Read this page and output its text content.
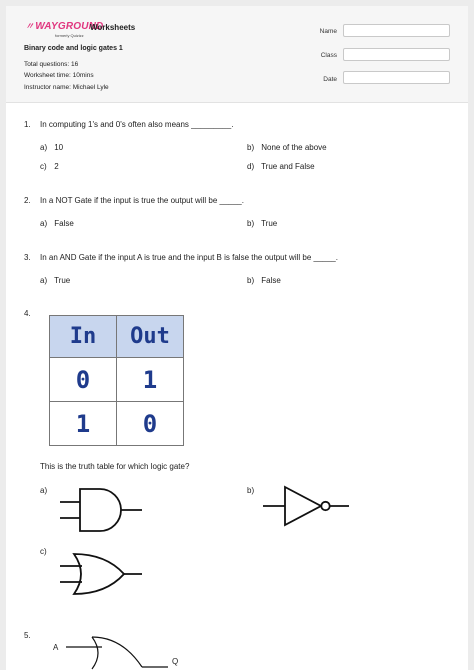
〃WAYGROUND
formerly Quizizz
Worksheets
Binary code and logic gates 1
Total questions: 16
Worksheet time: 10mins
Instructor name: Michael Lyle
Name
Class
Date
1. In computing 1's and 0's often also means _________.
a) 10	b) None of the above
c) 2	d) True and False
2. In a NOT Gate if the input is true the output will be _____.
a) False	b) True
3. In an AND Gate if the input A is true and the input B is false the output will be _____.
a) True	b) False
4.
In	Out
0	1
1	0
This is the truth table for which logic gate?
a)	b)
c)
5.
A
Q
